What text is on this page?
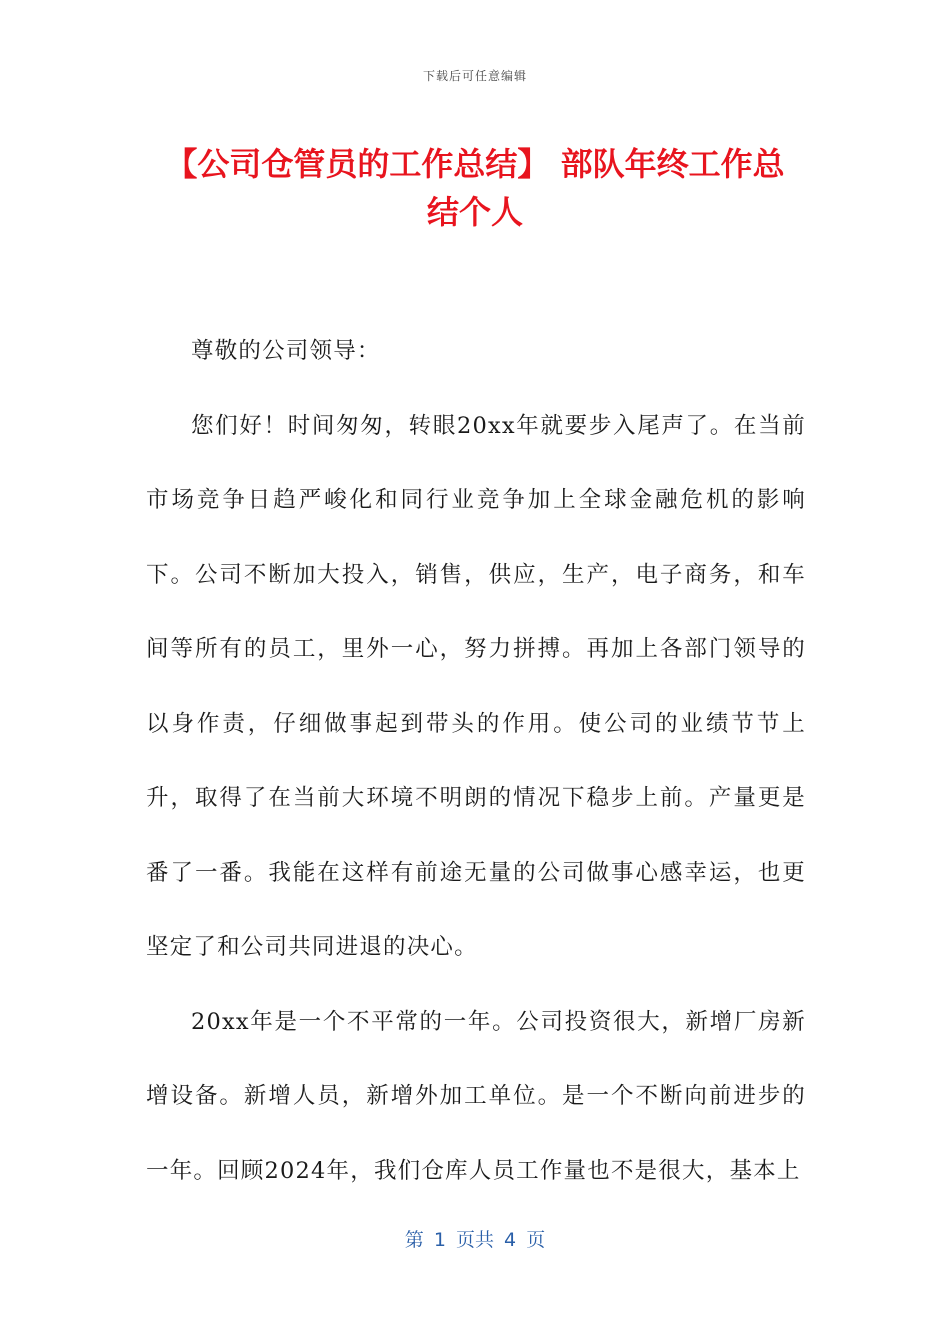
下载后可任意编辑
【公司仓管员的工作总结】 部队年终工作总结个人

尊敬的公司领导：

您们好！时间匆匆，转眼20xx年就要步入尾声了。在当前市场竞争日趋严峻化和同行业竞争加上全球金融危机的影响下。公司不断加大投入，销售，供应，生产，电子商务，和车间等所有的员工，里外一心，努力拼搏。再加上各部门领导的以身作责，仔细做事起到带头的作用。使公司的业绩节节上升，取得了在当前大环境不明朗的情况下稳步上前。产量更是番了一番。我能在这样有前途无量的公司做事心感幸运，也更坚定了和公司共同进退的决心。

20xx年是一个不平常的一年。公司投资很大，新增厂房新增设备。新增人员，新增外加工单位。是一个不断向前进步的一年。回顾2024年，我们仓库人员工作量也不是很大，基本上

第 1 页共 4 页
